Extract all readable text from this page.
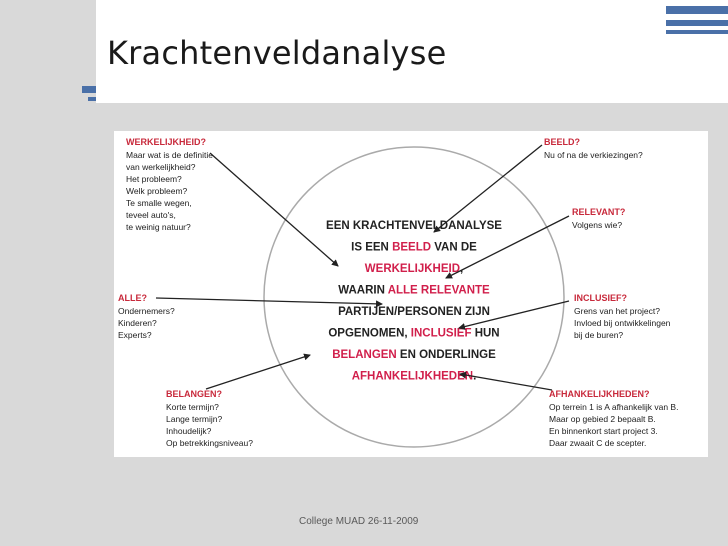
Krachtenveldanalyse
EEN KRACHTENVELDANALYSE
IS EEN BEELD VAN DE
WERKELIJKHEID,
WAARIN ALLE RELEVANTE
PARTIJEN/PERSONEN ZIJN
OPGENOMEN, INCLUSIEF HUN
BELANGEN EN ONDERLINGE
AFHANKELIJKHEDEN
WERKELIJKHEID?
Maar wat is de definitie
van werkelijkheid?
Het probleem?
Welk probleem?
Te smalle wegen,
teveel auto's,
te weinig natuur?
BEELD?
Nu of na de verkiezingen?
RELEVANT?
Volgens wie?
ALLE?
Ondernemers?
Kinderen?
Experts?
INCLUSIEF?
Grens van het project?
Invloed bij ontwikkelingen
bij de buren?
BELANGEN?
Korte termijn?
Lange termijn?
Inhoudelijk?
Op betrekkingsniveau?
AFHANKELIJKHEDEN?
Op terrein 1 is A afhankelijk van B.
Maar op gebied 2 bepaalt B.
En binnenkort start project 3.
Daar zwaait C de scepter.
College MUAD 26-11-2009
